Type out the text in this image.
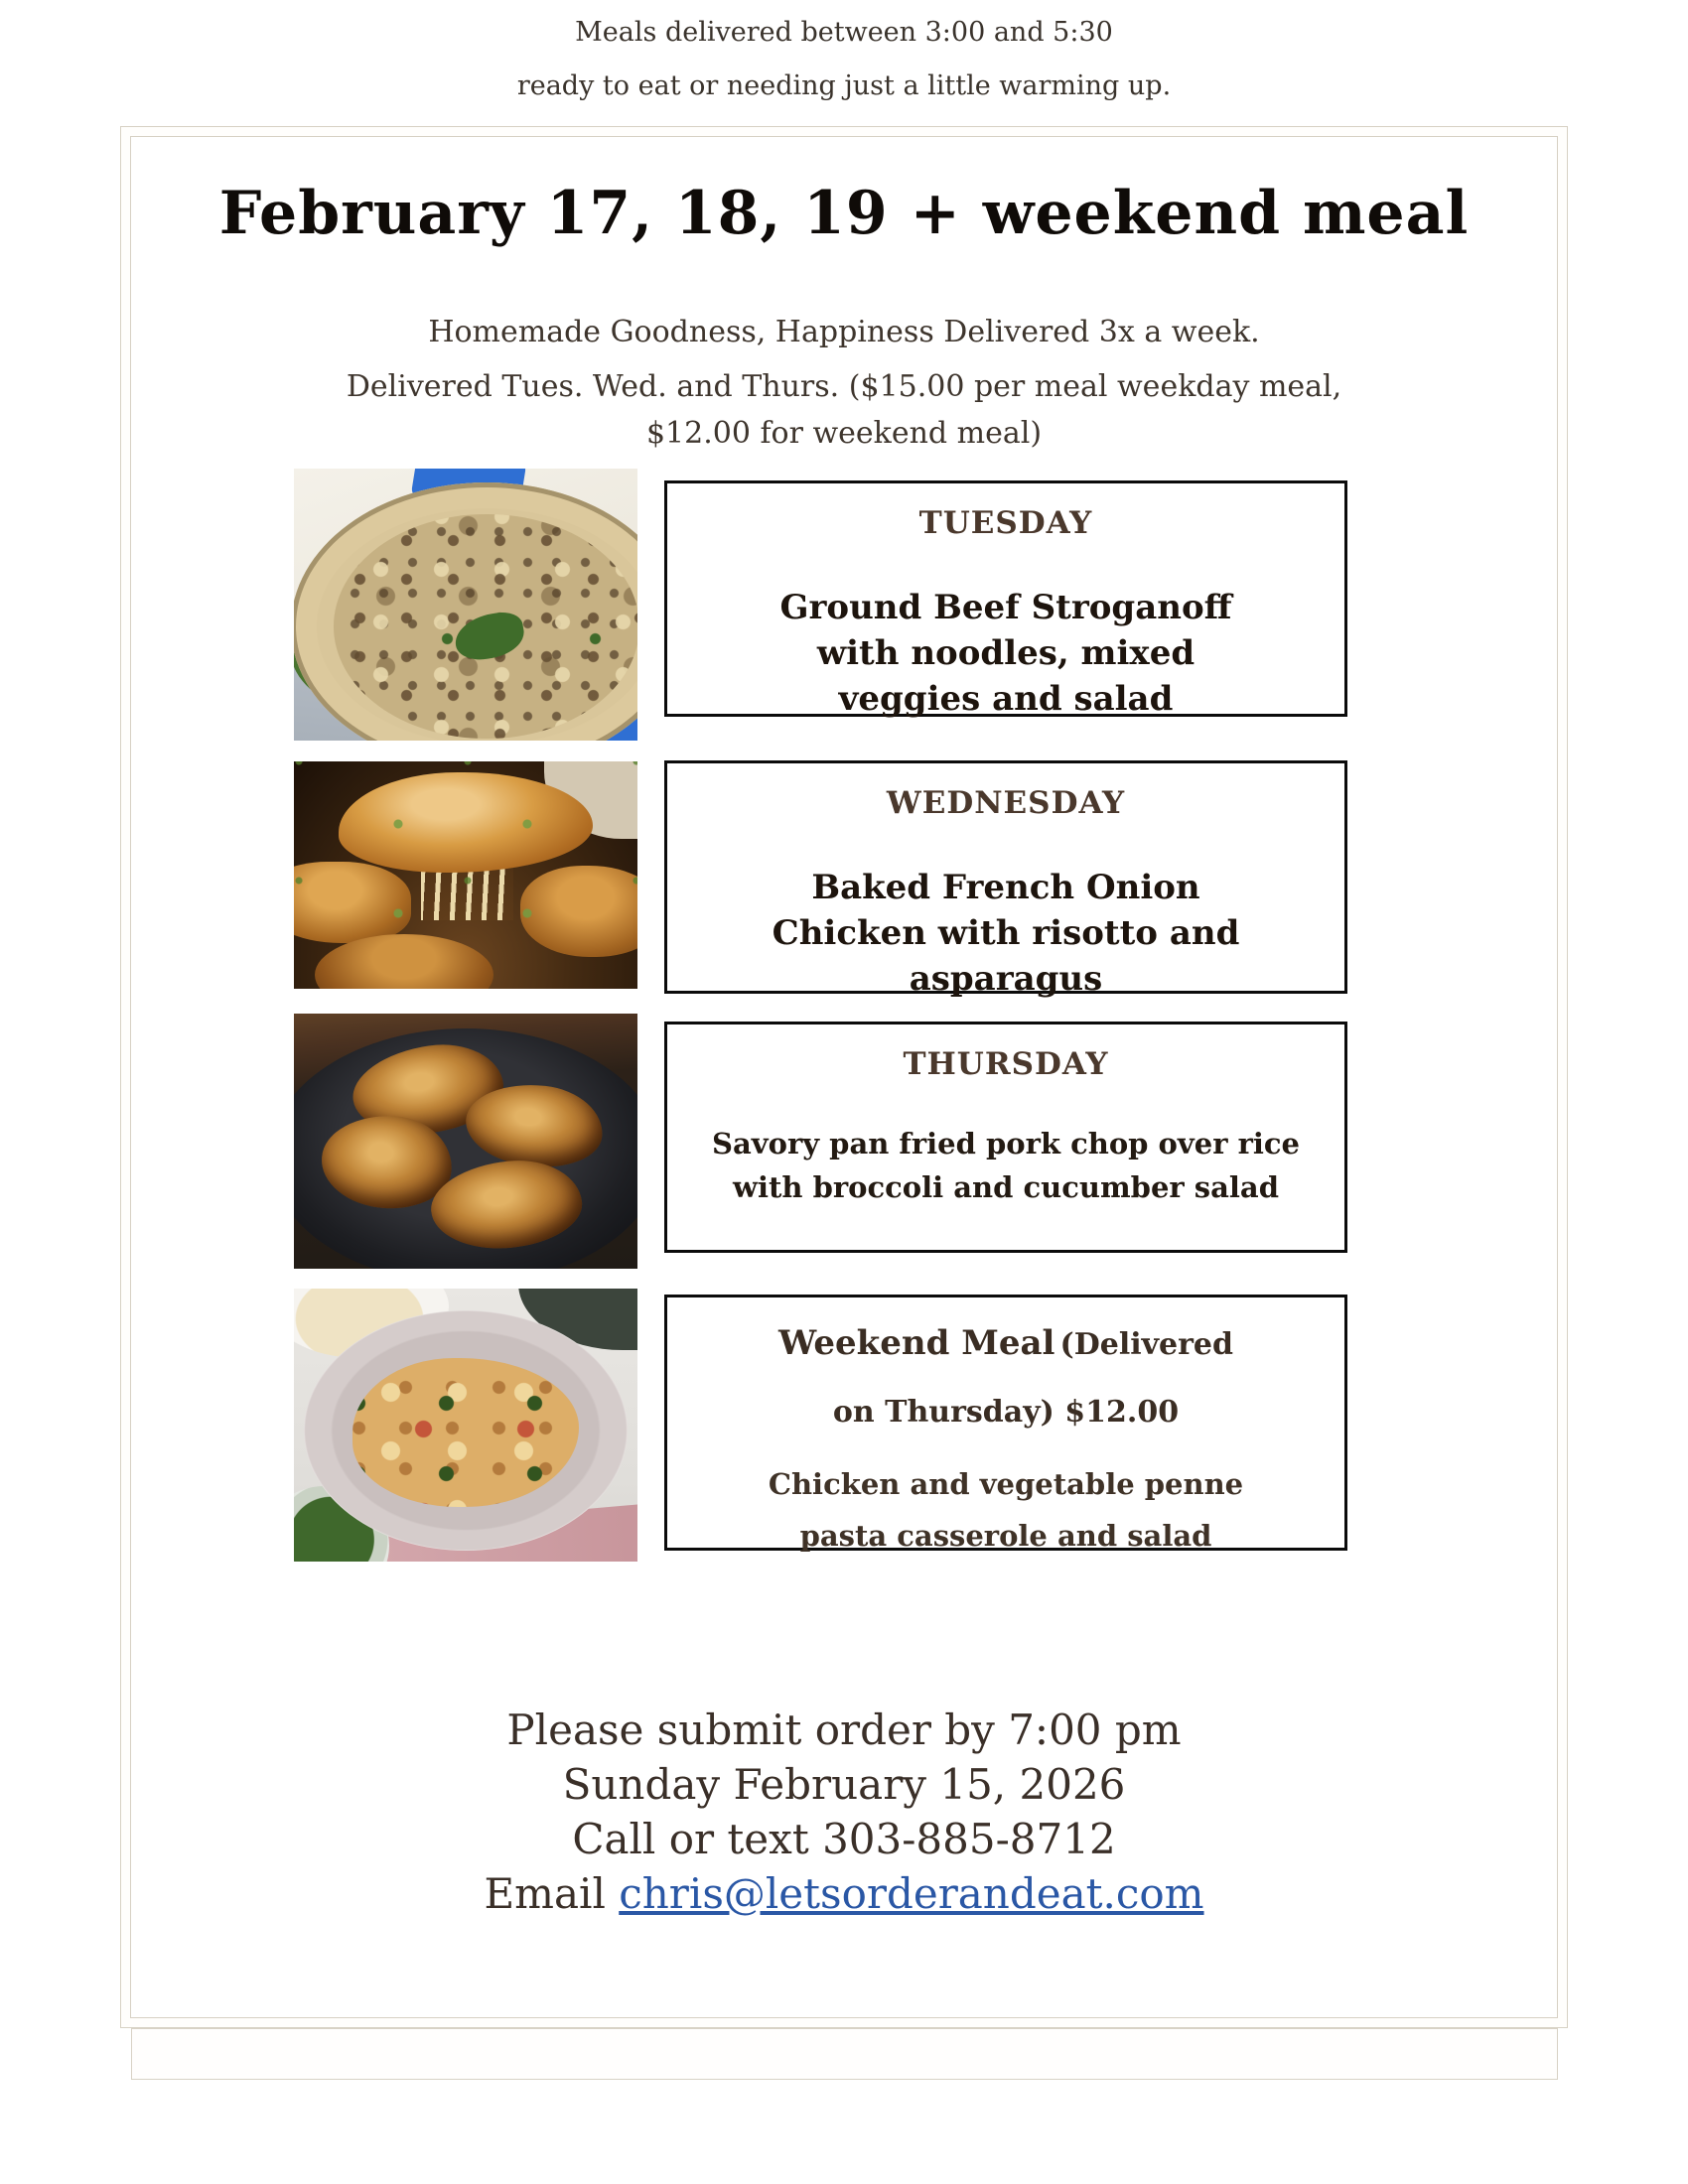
Meals delivered between 3:00 and 5:30

ready to eat or needing just a little warming up.

February 17, 18, 19 + weekend meal

Homemade Goodness, Happiness Delivered 3x a week.

Delivered Tues. Wed. and Thurs. ($15.00 per meal weekday meal, $12.00 for weekend meal)

TUESDAY
Ground Beef Stroganoff with noodles, mixed veggies and salad
WEDNESDAY
Baked French Onion Chicken with risotto and asparagus
THURSDAY
Savory pan fried pork chop over rice with broccoli and cucumber salad
Weekend Meal (Delivered on Thursday) $12.00
Chicken and vegetable penne pasta casserole and salad

Please submit order by 7:00 pm

Sunday February 15, 2026

Call or text 303-885-8712

Email chris@letsorderandeat.com
